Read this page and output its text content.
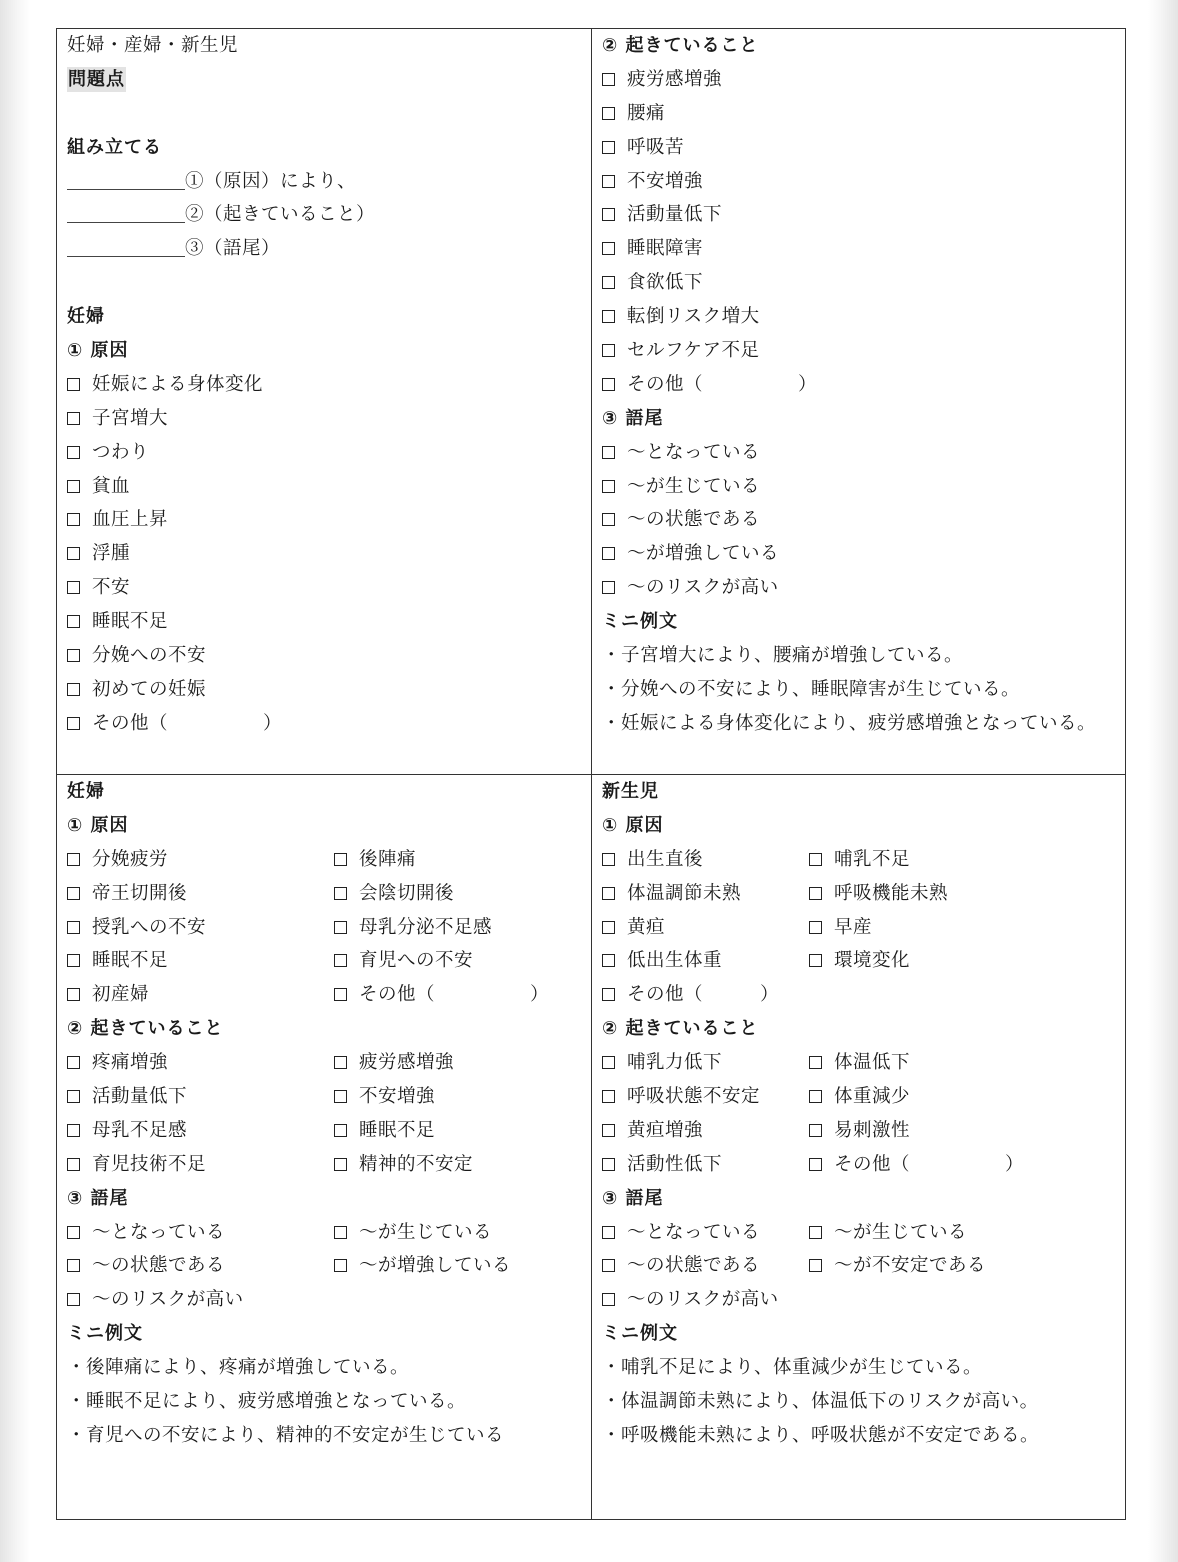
妊婦・産婦・新生児
問題点
組み立てる
①（原因）により、
②（起きていること）
③（語尾）
妊婦
① 原因
妊娠による身体変化
子宮増大
つわり
貧血
血圧上昇
浮腫
不安
睡眠不足
分娩への不安
初めての妊娠
その他（　　　　　）
② 起きていること
疲労感増強
腰痛
呼吸苦
不安増強
活動量低下
睡眠障害
食欲低下
転倒リスク増大
セルフケア不足
その他（　　　　　）
③ 語尾
〜となっている
〜が生じている
〜の状態である
〜が増強している
〜のリスクが高い
ミニ例文
・子宮増大により、腰痛が増強している。
・分娩への不安により、睡眠障害が生じている。
・妊娠による身体変化により、疲労感増強となっている。
妊婦
① 原因
分娩疲労	後陣痛
帝王切開後	会陰切開後
授乳への不安	母乳分泌不足感
睡眠不足	育児への不安
初産婦	その他（　　　　　）
② 起きていること
疼痛増強	疲労感増強
活動量低下	不安増強
母乳不足感	睡眠不足
育児技術不足	精神的不安定
③ 語尾
〜となっている	〜が生じている
〜の状態である	〜が増強している
〜のリスクが高い
ミニ例文
・後陣痛により、疼痛が増強している。
・睡眠不足により、疲労感増強となっている。
・育児への不安により、精神的不安定が生じている
新生児
① 原因
出生直後	哺乳不足
体温調節未熟	呼吸機能未熟
黄疸	早産
低出生体重	環境変化
その他（　　　）
② 起きていること
哺乳力低下	体温低下
呼吸状態不安定	体重減少
黄疸増強	易刺激性
活動性低下	その他（　　　　　）
③ 語尾
〜となっている	〜が生じている
〜の状態である	〜が不安定である
〜のリスクが高い
ミニ例文
・哺乳不足により、体重減少が生じている。
・体温調節未熟により、体温低下のリスクが高い。
・呼吸機能未熟により、呼吸状態が不安定である。
